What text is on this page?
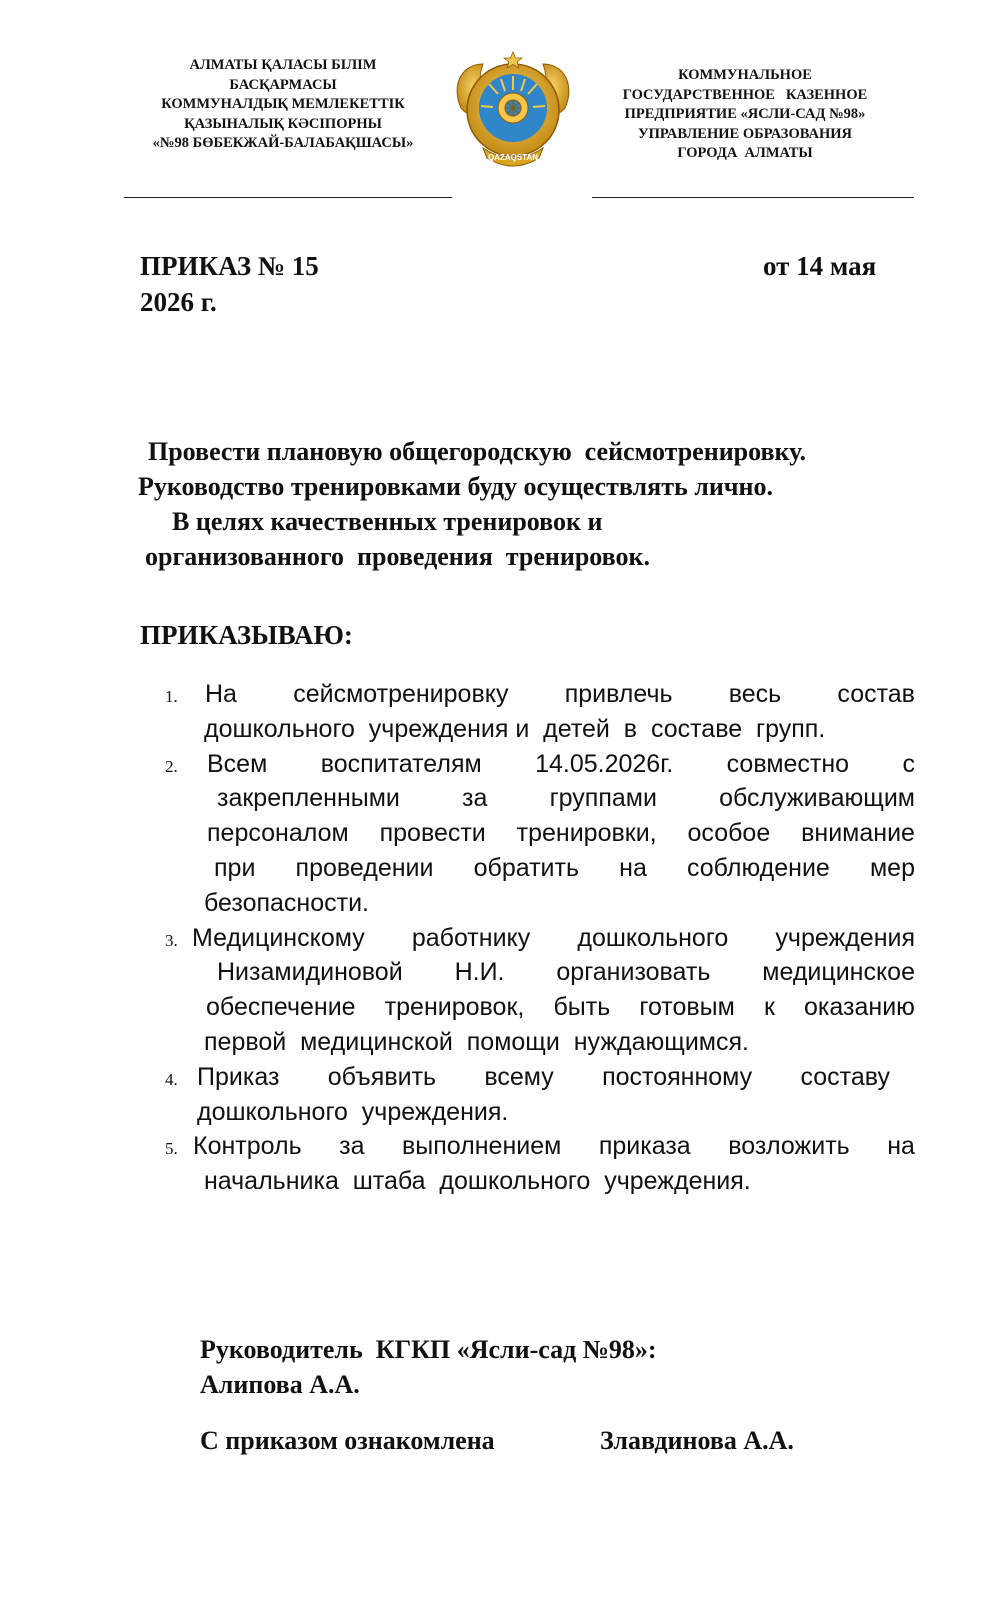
АЛМАТЫ ҚАЛАСЫ БІЛІМ
БАСҚАРМАСЫ
КОММУНАЛДЫҚ МЕМЛЕКЕТТІК
ҚАЗЫНАЛЫҚ КӘСІПОРНЫ
«№98 БӨБЕКЖАЙ-БАЛАБАҚШАСЫ»
QAZAQSTAN
КОММУНАЛЬНОЕ
ГОСУДАРСТВЕННОЕ   КАЗЕННОЕ
ПРЕДПРИЯТИЕ «ЯСЛИ-САД №98»
УПРАВЛЕНИЕ ОБРАЗОВАНИЯ
ГОРОДА  АЛМАТЫ
ПРИКАЗ № 15
2026 г.
от 14 мая
Провести плановую общегородскую  сейсмотренировку.
Руководство тренировками буду осуществлять лично.
В целях качественных тренировок и
организованного  проведения  тренировок.
ПРИКАЗЫВАЮ:
1. На сейсмотренировку привлечь весь состав
дошкольного  учреждения и  детей  в  составе  групп.
2. Всем воспитателям 14.05.2026г. совместно с
закрепленными за группами обслуживающим
персоналом провести тренировки, особое внимание
при проведении обратить на соблюдение мер
безопасности.
3. Медицинскому работнику дошкольного учреждения
Низамидиновой Н.И. организовать медицинское
обеспечение тренировок, быть готовым к оказанию
первой  медицинской  помощи  нуждающимся.
4. Приказ объявить всему постоянному составу
дошкольного  учреждения.
5. Контроль за выполнением приказа возложить на
начальника  штаба  дошкольного  учреждения.
Руководитель  КГКП «Ясли-сад №98»:
Алипова А.А.
С приказом ознакомлена	Злавдинова А.А.
